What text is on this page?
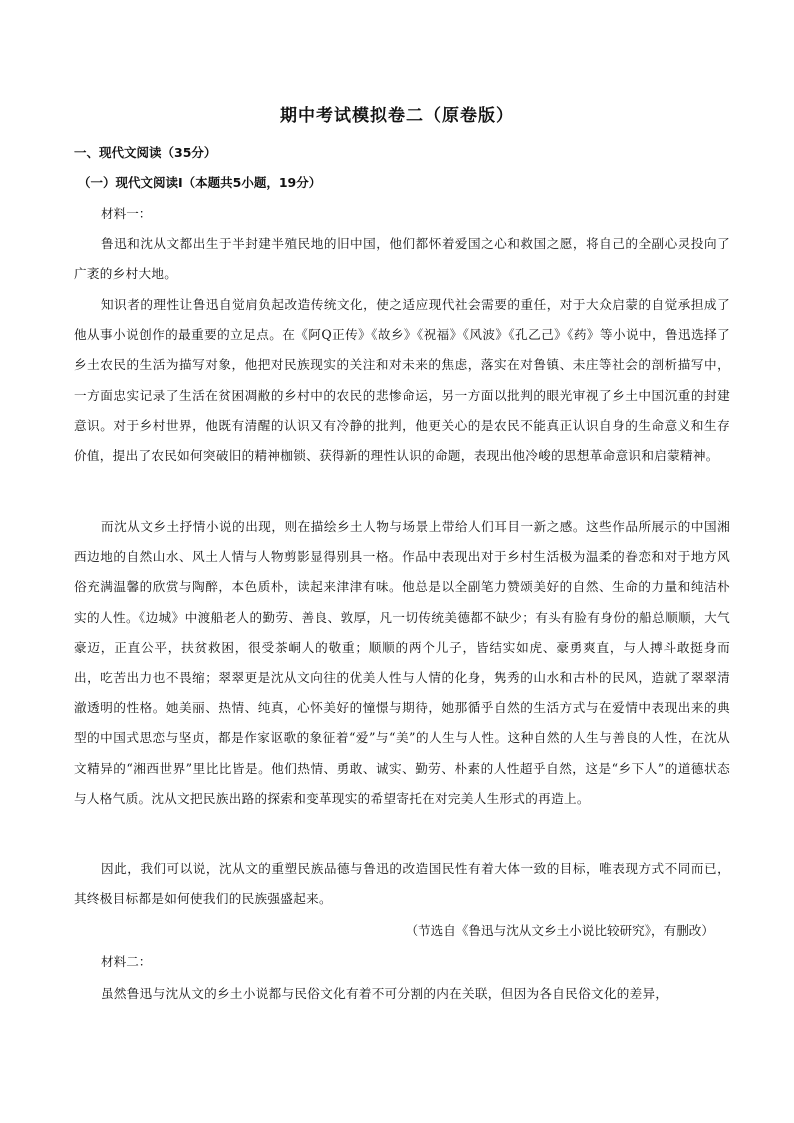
期中考试模拟卷二（原卷版）
一、现代文阅读（35分）
（一）现代文阅读Ⅰ（本题共5小题，19分）
材料一：
鲁迅和沈从文都出生于半封建半殖民地的旧中国，他们都怀着爱国之心和救国之愿，将自己的全副心灵投向了广袤的乡村大地。
知识者的理性让鲁迅自觉肩负起改造传统文化，使之适应现代社会需要的重任，对于大众启蒙的自觉承担成了他从事小说创作的最重要的立足点。在《阿Q正传》《故乡》《祝福》《风波》《孔乙己》《药》等小说中，鲁迅选择了乡土农民的生活为描写对象，他把对民族现实的关注和对未来的焦虑，落实在对鲁镇、未庄等社会的剖析描写中，一方面忠实记录了生活在贫困凋敝的乡村中的农民的悲惨命运，另一方面以批判的眼光审视了乡土中国沉重的封建意识。对于乡村世界，他既有清醒的认识又有冷静的批判，他更关心的是农民不能真正认识自身的生命意义和生存价值，提出了农民如何突破旧的精神枷锁、获得新的理性认识的命题，表现出他冷峻的思想革命意识和启蒙精神。
而沈从文乡土抒情小说的出现，则在描绘乡土人物与场景上带给人们耳目一新之感。这些作品所展示的中国湘西边地的自然山水、风土人情与人物剪影显得别具一格。作品中表现出对于乡村生活极为温柔的眷恋和对于地方风俗充满温馨的欣赏与陶醉，本色质朴，读起来津津有味。他总是以全副笔力赞颂美好的自然、生命的力量和纯洁朴实的人性。《边城》中渡船老人的勤劳、善良、敦厚，凡一切传统美德都不缺少；有头有脸有身份的船总顺顺，大气豪迈，正直公平，扶贫救困，很受茶峒人的敬重；顺顺的两个儿子，皆结实如虎、豪勇爽直，与人搏斗敢挺身而出，吃苦出力也不畏缩；翠翠更是沈从文向往的优美人性与人情的化身，隽秀的山水和古朴的民风，造就了翠翠清澈透明的性格。她美丽、热情、纯真，心怀美好的憧憬与期待，她那循乎自然的生活方式与在爱情中表现出来的典型的中国式思恋与坚贞，都是作家讴歌的象征着“爱”与“美”的人生与人性。这种自然的人生与善良的人性，在沈从文精异的“湘西世界”里比比皆是。他们热情、勇敢、诚实、勤劳、朴素的人性超乎自然，这是“乡下人”的道德状态与人格气质。沈从文把民族出路的探索和变革现实的希望寄托在对完美人生形式的再造上。
因此，我们可以说，沈从文的重塑民族品德与鲁迅的改造国民性有着大体一致的目标，唯表现方式不同而已，其终极目标都是如何使我们的民族强盛起来。
（节选自《鲁迅与沈从文乡土小说比较研究》，有删改）
材料二：
虽然鲁迅与沈从文的乡土小说都与民俗文化有着不可分割的内在关联，但因为各自民俗文化的差异，
